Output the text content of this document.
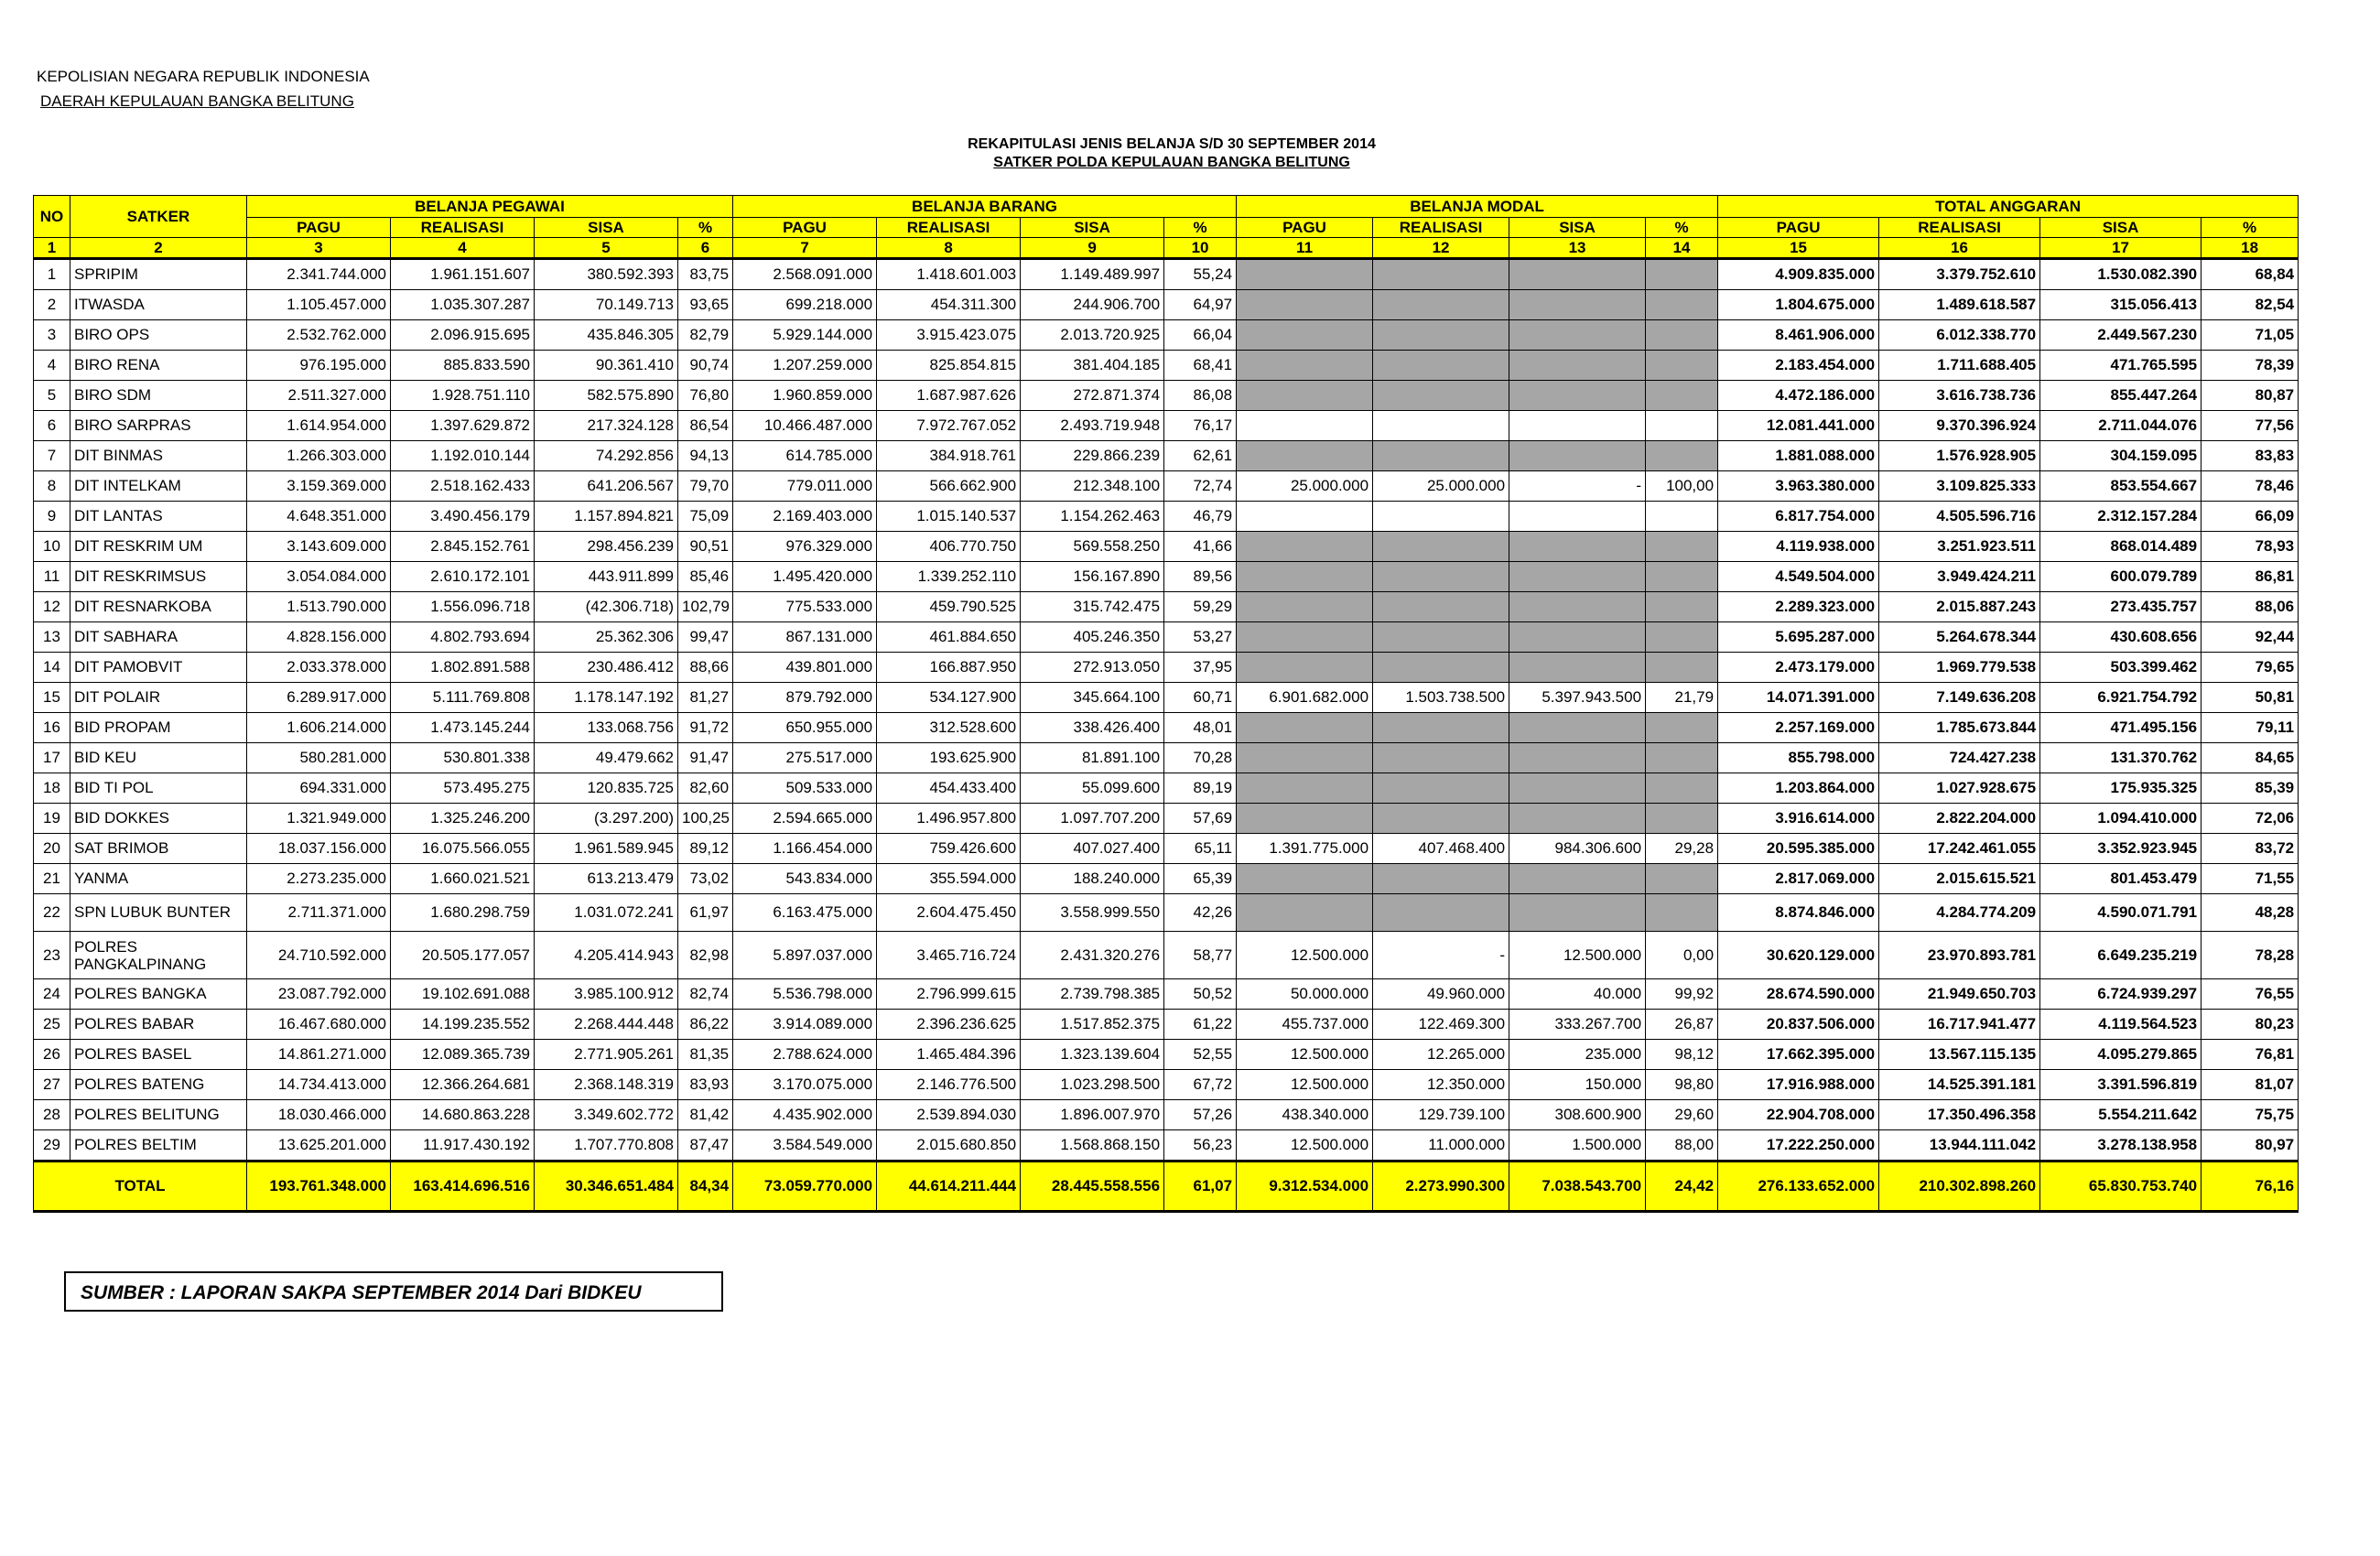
KEPOLISIAN NEGARA REPUBLIK INDONESIA
DAERAH KEPULAUAN BANGKA BELITUNG
REKAPITULASI JENIS BELANJA S/D 30 SEPTEMBER 2014
SATKER POLDA KEPULAUAN BANGKA BELITUNG
NO	SATKER	BELANJA PEGAWAI				BELANJA BARANG				BELANJA MODAL				TOTAL ANGGARAN			
		PAGU	REALISASI	SISA	%	PAGU	REALISASI	SISA	%	PAGU	REALISASI	SISA	%	PAGU	REALISASI	SISA	%
1	2	3	4	5	6	7	8	9	10	11	12	13	14	15	16	17	18
1	SPRIPIM	2.341.744.000	1.961.151.607	380.592.393	83,75	2.568.091.000	1.418.601.003	1.149.489.997	55,24					4.909.835.000	3.379.752.610	1.530.082.390	68,84
2	ITWASDA	1.105.457.000	1.035.307.287	70.149.713	93,65	699.218.000	454.311.300	244.906.700	64,97					1.804.675.000	1.489.618.587	315.056.413	82,54
3	BIRO OPS	2.532.762.000	2.096.915.695	435.846.305	82,79	5.929.144.000	3.915.423.075	2.013.720.925	66,04					8.461.906.000	6.012.338.770	2.449.567.230	71,05
4	BIRO RENA	976.195.000	885.833.590	90.361.410	90,74	1.207.259.000	825.854.815	381.404.185	68,41					2.183.454.000	1.711.688.405	471.765.595	78,39
5	BIRO SDM	2.511.327.000	1.928.751.110	582.575.890	76,80	1.960.859.000	1.687.987.626	272.871.374	86,08					4.472.186.000	3.616.738.736	855.447.264	80,87
6	BIRO SARPRAS	1.614.954.000	1.397.629.872	217.324.128	86,54	10.466.487.000	7.972.767.052	2.493.719.948	76,17					12.081.441.000	9.370.396.924	2.711.044.076	77,56
7	DIT BINMAS	1.266.303.000	1.192.010.144	74.292.856	94,13	614.785.000	384.918.761	229.866.239	62,61					1.881.088.000	1.576.928.905	304.159.095	83,83
8	DIT INTELKAM	3.159.369.000	2.518.162.433	641.206.567	79,70	779.011.000	566.662.900	212.348.100	72,74	25.000.000	25.000.000	-	100,00	3.963.380.000	3.109.825.333	853.554.667	78,46
9	DIT LANTAS	4.648.351.000	3.490.456.179	1.157.894.821	75,09	2.169.403.000	1.015.140.537	1.154.262.463	46,79					6.817.754.000	4.505.596.716	2.312.157.284	66,09
10	DIT RESKRIM UM	3.143.609.000	2.845.152.761	298.456.239	90,51	976.329.000	406.770.750	569.558.250	41,66					4.119.938.000	3.251.923.511	868.014.489	78,93
11	DIT RESKRIMSUS	3.054.084.000	2.610.172.101	443.911.899	85,46	1.495.420.000	1.339.252.110	156.167.890	89,56					4.549.504.000	3.949.424.211	600.079.789	86,81
12	DIT RESNARKOBA	1.513.790.000	1.556.096.718	(42.306.718)	102,79	775.533.000	459.790.525	315.742.475	59,29					2.289.323.000	2.015.887.243	273.435.757	88,06
13	DIT SABHARA	4.828.156.000	4.802.793.694	25.362.306	99,47	867.131.000	461.884.650	405.246.350	53,27					5.695.287.000	5.264.678.344	430.608.656	92,44
14	DIT PAMOBVIT	2.033.378.000	1.802.891.588	230.486.412	88,66	439.801.000	166.887.950	272.913.050	37,95					2.473.179.000	1.969.779.538	503.399.462	79,65
15	DIT POLAIR	6.289.917.000	5.111.769.808	1.178.147.192	81,27	879.792.000	534.127.900	345.664.100	60,71	6.901.682.000	1.503.738.500	5.397.943.500	21,79	14.071.391.000	7.149.636.208	6.921.754.792	50,81
16	BID PROPAM	1.606.214.000	1.473.145.244	133.068.756	91,72	650.955.000	312.528.600	338.426.400	48,01					2.257.169.000	1.785.673.844	471.495.156	79,11
17	BID KEU	580.281.000	530.801.338	49.479.662	91,47	275.517.000	193.625.900	81.891.100	70,28					855.798.000	724.427.238	131.370.762	84,65
18	BID TI POL	694.331.000	573.495.275	120.835.725	82,60	509.533.000	454.433.400	55.099.600	89,19					1.203.864.000	1.027.928.675	175.935.325	85,39
19	BID DOKKES	1.321.949.000	1.325.246.200	(3.297.200)	100,25	2.594.665.000	1.496.957.800	1.097.707.200	57,69					3.916.614.000	2.822.204.000	1.094.410.000	72,06
20	SAT BRIMOB	18.037.156.000	16.075.566.055	1.961.589.945	89,12	1.166.454.000	759.426.600	407.027.400	65,11	1.391.775.000	407.468.400	984.306.600	29,28	20.595.385.000	17.242.461.055	3.352.923.945	83,72
21	YANMA	2.273.235.000	1.660.021.521	613.213.479	73,02	543.834.000	355.594.000	188.240.000	65,39					2.817.069.000	2.015.615.521	801.453.479	71,55
22	SPN LUBUK BUNTER	2.711.371.000	1.680.298.759	1.031.072.241	61,97	6.163.475.000	2.604.475.450	3.558.999.550	42,26					8.874.846.000	4.284.774.209	4.590.071.791	48,28
23	POLRES PANGKALPINANG	24.710.592.000	20.505.177.057	4.205.414.943	82,98	5.897.037.000	3.465.716.724	2.431.320.276	58,77	12.500.000	-	12.500.000	0,00	30.620.129.000	23.970.893.781	6.649.235.219	78,28
24	POLRES BANGKA	23.087.792.000	19.102.691.088	3.985.100.912	82,74	5.536.798.000	2.796.999.615	2.739.798.385	50,52	50.000.000	49.960.000	40.000	99,92	28.674.590.000	21.949.650.703	6.724.939.297	76,55
25	POLRES BABAR	16.467.680.000	14.199.235.552	2.268.444.448	86,22	3.914.089.000	2.396.236.625	1.517.852.375	61,22	455.737.000	122.469.300	333.267.700	26,87	20.837.506.000	16.717.941.477	4.119.564.523	80,23
26	POLRES BASEL	14.861.271.000	12.089.365.739	2.771.905.261	81,35	2.788.624.000	1.465.484.396	1.323.139.604	52,55	12.500.000	12.265.000	235.000	98,12	17.662.395.000	13.567.115.135	4.095.279.865	76,81
27	POLRES BATENG	14.734.413.000	12.366.264.681	2.368.148.319	83,93	3.170.075.000	2.146.776.500	1.023.298.500	67,72	12.500.000	12.350.000	150.000	98,80	17.916.988.000	14.525.391.181	3.391.596.819	81,07
28	POLRES BELITUNG	18.030.466.000	14.680.863.228	3.349.602.772	81,42	4.435.902.000	2.539.894.030	1.896.007.970	57,26	438.340.000	129.739.100	308.600.900	29,60	22.904.708.000	17.350.496.358	5.554.211.642	75,75
29	POLRES BELTIM	13.625.201.000	11.917.430.192	1.707.770.808	87,47	3.584.549.000	2.015.680.850	1.568.868.150	56,23	12.500.000	11.000.000	1.500.000	88,00	17.222.250.000	13.944.111.042	3.278.138.958	80,97
TOTAL		193.761.348.000	163.414.696.516	30.346.651.484	84,34	73.059.770.000	44.614.211.444	28.445.558.556	61,07	9.312.534.000	2.273.990.300	7.038.543.700	24,42	276.133.652.000	210.302.898.260	65.830.753.740	76,16
SUMBER : LAPORAN SAKPA SEPTEMBER 2014 Dari BIDKEU
